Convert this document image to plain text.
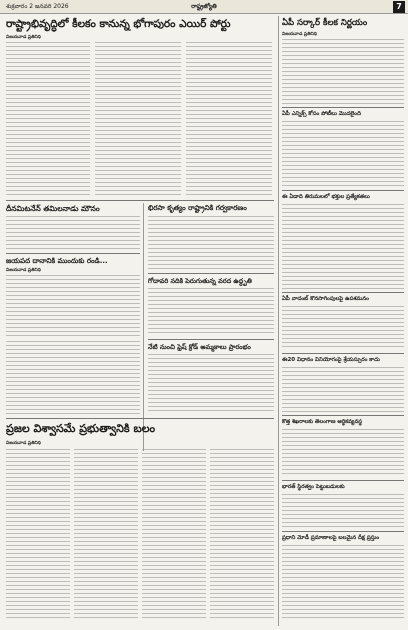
శుక్రవారం 2 జనవరి 2026	రాష్ట్రజ్యోతి	7
రాష్ట్రాభివృద్ధిలో కీలకం కానున్న భోగాపురం ఎయిర్ పోర్టు
విజయవాడ ప్రతినిధి
దీనమిటనేన్ తమిలనాడు మౌనం
జయపద దానానికి ముందుకు రండి...
విజయవాడ ప్రతినిధి
భిరసా కృత్యం రాష్ట్రానికి గర్వకారణం
గోదావరి నదికి పెరుగుతున్న వరద ఉద్ధృతి
నేటి నుంచి ఫ్రెష్ క్రోడ్ అమ్మకాలు ప్రారంభం
ప్రజల విశ్వాసమే ప్రభుత్వానికి బలం
విజయవాడ ప్రతినిధి
ఏపీ సర్కార్ కీలక నిర్ణయం
విజయవాడ ప్రతినిధి
ఏపీ ఎన్నిక్స్ కోసం పోటీలు మొదలైంది
ఈ ఏడాది తిరుమలలో భక్తుల ప్రత్యేకతలు
ఏపీ వాదంబ్ కొనసాగింపులపై ఉపశమనం
ఈ20 విధానం వినియోగంపై శ్రేయస్సురం కాదు
కొత్త శిఖరాలకు తెలంగాణ ఆర్థికవ్యవస్థ
భారత్ స్థిరత్వం పెట్టుబడులకు
ప్రధాని మోడీ ప్రమాణాలపై బలమైన దీక్ష ప్రస్తుం
